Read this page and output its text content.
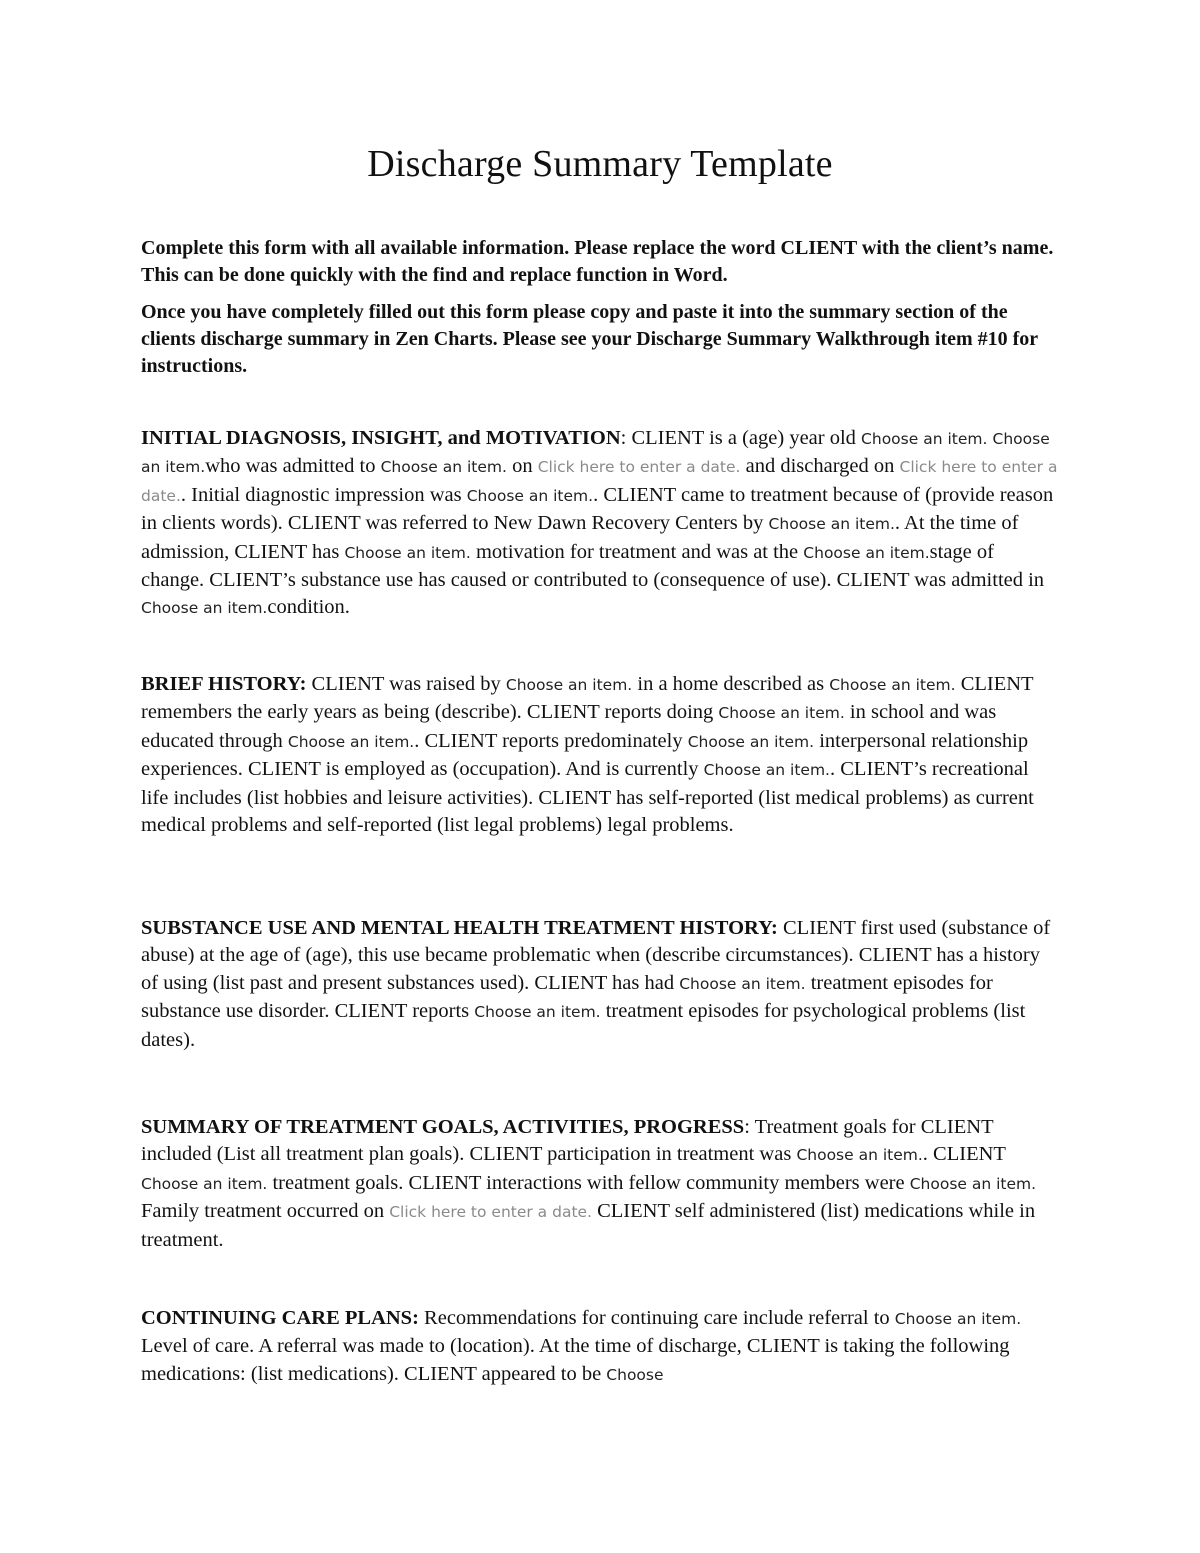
Discharge Summary Template

Complete this form with all available information. Please replace the word CLIENT with the client’s name. This can be done quickly with the find and replace function in Word.

Once you have completely filled out this form please copy and paste it into the summary section of the clients discharge summary in Zen Charts. Please see your Discharge Summary Walkthrough item #10 for instructions.

INITIAL DIAGNOSIS, INSIGHT, and MOTIVATION: CLIENT is a (age) year old Choose an item. Choose an item.who was admitted to Choose an item. on Click here to enter a date. and discharged on Click here to enter a date.. Initial diagnostic impression was Choose an item.. CLIENT came to treatment because of (provide reason in clients words). CLIENT was referred to New Dawn Recovery Centers by Choose an item.. At the time of admission, CLIENT has Choose an item. motivation for treatment and was at the Choose an item.stage of change. CLIENT’s substance use has caused or contributed to (consequence of use). CLIENT was admitted in Choose an item.condition.

BRIEF HISTORY: CLIENT was raised by Choose an item. in a home described as Choose an item. CLIENT remembers the early years as being (describe). CLIENT reports doing Choose an item. in school and was educated through Choose an item.. CLIENT reports predominately Choose an item. interpersonal relationship experiences. CLIENT is employed as (occupation). And is currently Choose an item.. CLIENT’s recreational life includes (list hobbies and leisure activities). CLIENT has self-reported (list medical problems) as current medical problems and self-reported (list legal problems) legal problems.

SUBSTANCE USE AND MENTAL HEALTH TREATMENT HISTORY: CLIENT first used (substance of abuse) at the age of (age), this use became problematic when (describe circumstances). CLIENT has a history of using (list past and present substances used). CLIENT has had Choose an item. treatment episodes for substance use disorder. CLIENT reports Choose an item. treatment episodes for psychological problems (list dates).

SUMMARY OF TREATMENT GOALS, ACTIVITIES, PROGRESS: Treatment goals for CLIENT included (List all treatment plan goals). CLIENT participation in treatment was Choose an item.. CLIENT Choose an item. treatment goals. CLIENT interactions with fellow community members were Choose an item. Family treatment occurred on Click here to enter a date. CLIENT self administered (list) medications while in treatment.

CONTINUING CARE PLANS: Recommendations for continuing care include referral to Choose an item. Level of care. A referral was made to (location). At the time of discharge, CLIENT is taking the following medications: (list medications). CLIENT appeared to be Choose
